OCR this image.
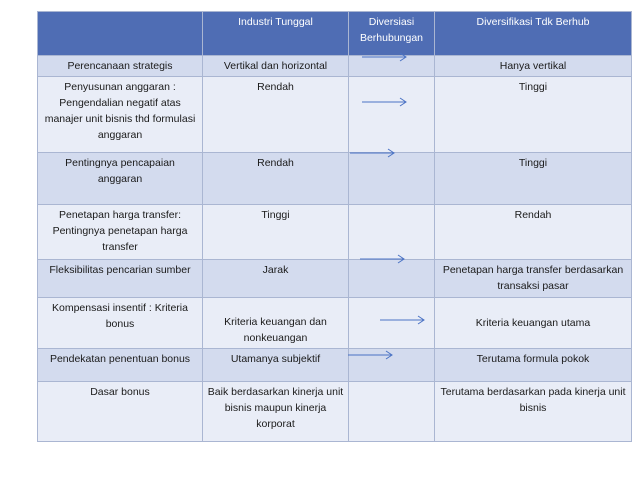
	Industri Tunggal	Diversiasi Berhubungan	Diversifikasi Tdk Berhub
Perencanaan strategis	Vertikal dan horizontal		Hanya vertikal
Penyusunan anggaran : Pengendalian negatif atas manajer unit bisnis thd formulasi anggaran	Rendah		Tinggi
Pentingnya pencapaian anggaran	Rendah		Tinggi
Penetapan harga transfer: Pentingnya penetapan harga transfer	Tinggi		Rendah
Fleksibilitas pencarian sumber	Jarak		Penetapan harga transfer berdasarkan transaksi pasar
Kompensasi insentif : Kriteria bonus	Kriteria keuangan dan nonkeuangan		Kriteria keuangan utama
Pendekatan penentuan bonus	Utamanya subjektif		Terutama formula pokok
Dasar bonus	Baik berdasarkan kinerja unit bisnis maupun kinerja korporat		Terutama berdasarkan pada kinerja unit bisnis
